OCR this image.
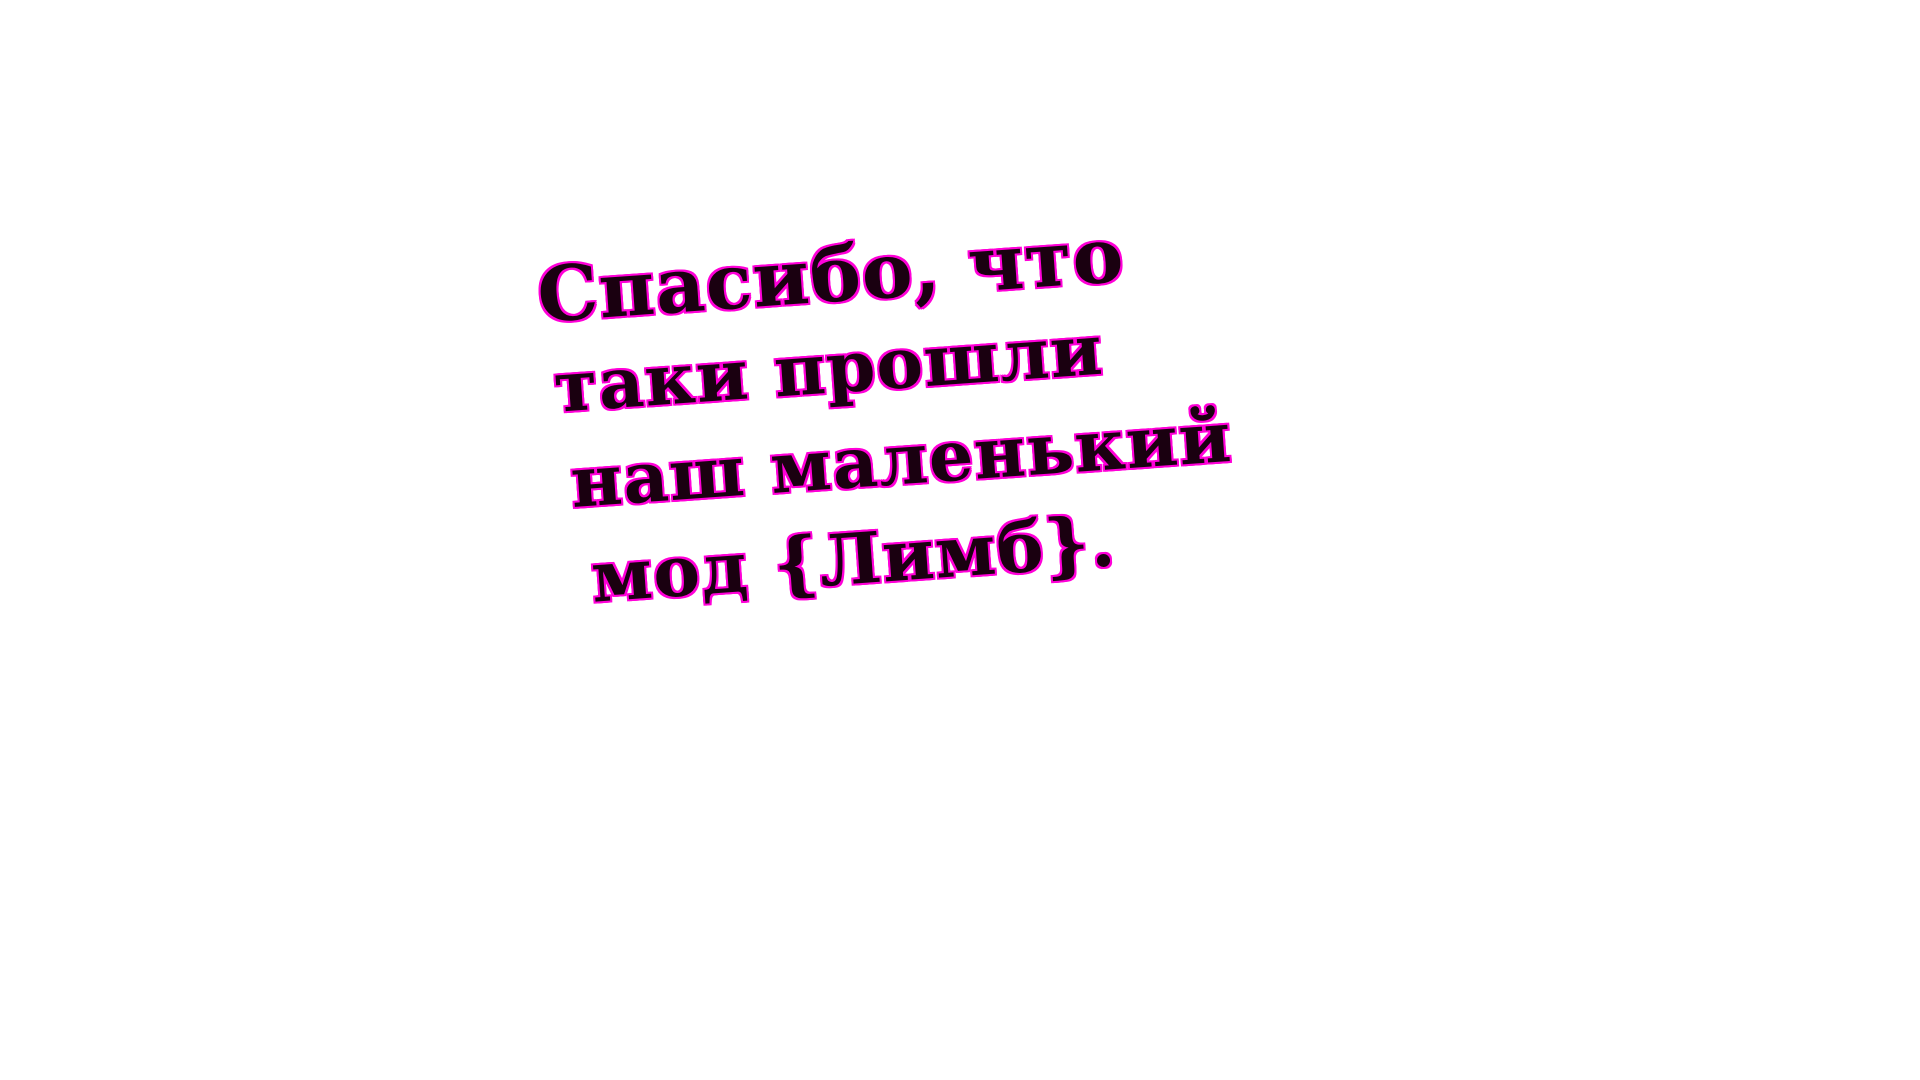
Спасибо, что
таки прошли
наш маленький
мод {Лимб}.
